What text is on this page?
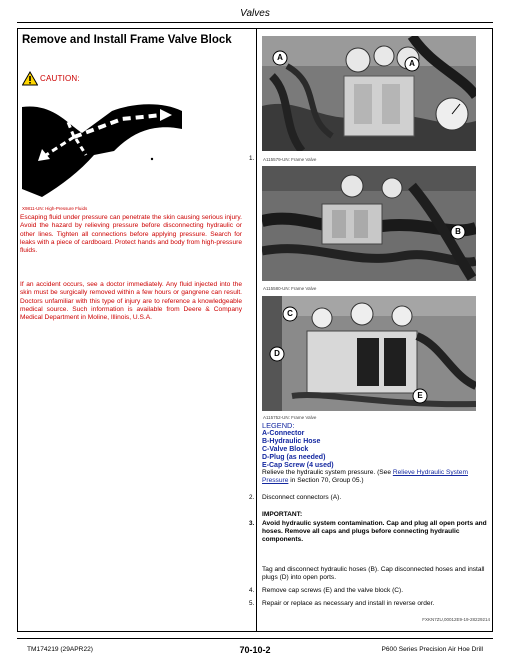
Valves
Remove and Install Frame Valve Block
CAUTION:
X9811-UN: High-Pressure Fluids
Escaping fluid under pressure can penetrate the skin causing serious injury. Avoid the hazard by relieving pressure before disconnecting hydraulic or other lines. Tighten all connections before applying pressure. Search for leaks with a piece of cardboard. Protect hands and body from high-pressure fluids.
If an accident occurs, see a doctor immediately. Any fluid injected into the skin must be surgically removed within a few hours or gangrene can result. Doctors unfamiliar with this type of injury are to reference a knowledgeable medical source. Such information is available from Deere & Company Medical Department in Moline, Illinois, U.S.A.
1.
A
A
A115579-UN: Frame Valve
B
A115580-UN: Frame Valve
C
D
E
A115752-UN: Frame Valve
LEGEND:
A-Connector
B-Hydraulic Hose
C-Valve Block
D-Plug (as needed)
E-Cap Screw (4 used)
Relieve the hydraulic system pressure. (See Relieve Hydraulic System Pressure in Section 70, Group 05.)
2. Disconnect connectors (A).
IMPORTANT:
3. Avoid hydraulic system contamination. Cap and plug all open ports and hoses. Remove all caps and plugs before connecting hydraulic components.
Tag and disconnect hydraulic hoses (B). Cap disconnected hoses and install plugs (D) into open ports.
4. Remove cap screws (E) and the valve block (C).
5. Repair or replace as necessary and install in reverse order.
FXKN7ZU,00012E9-19-28229214
TM174219 (29APR22)	70-10-2	P600 Series Precision Air Hoe Drill
